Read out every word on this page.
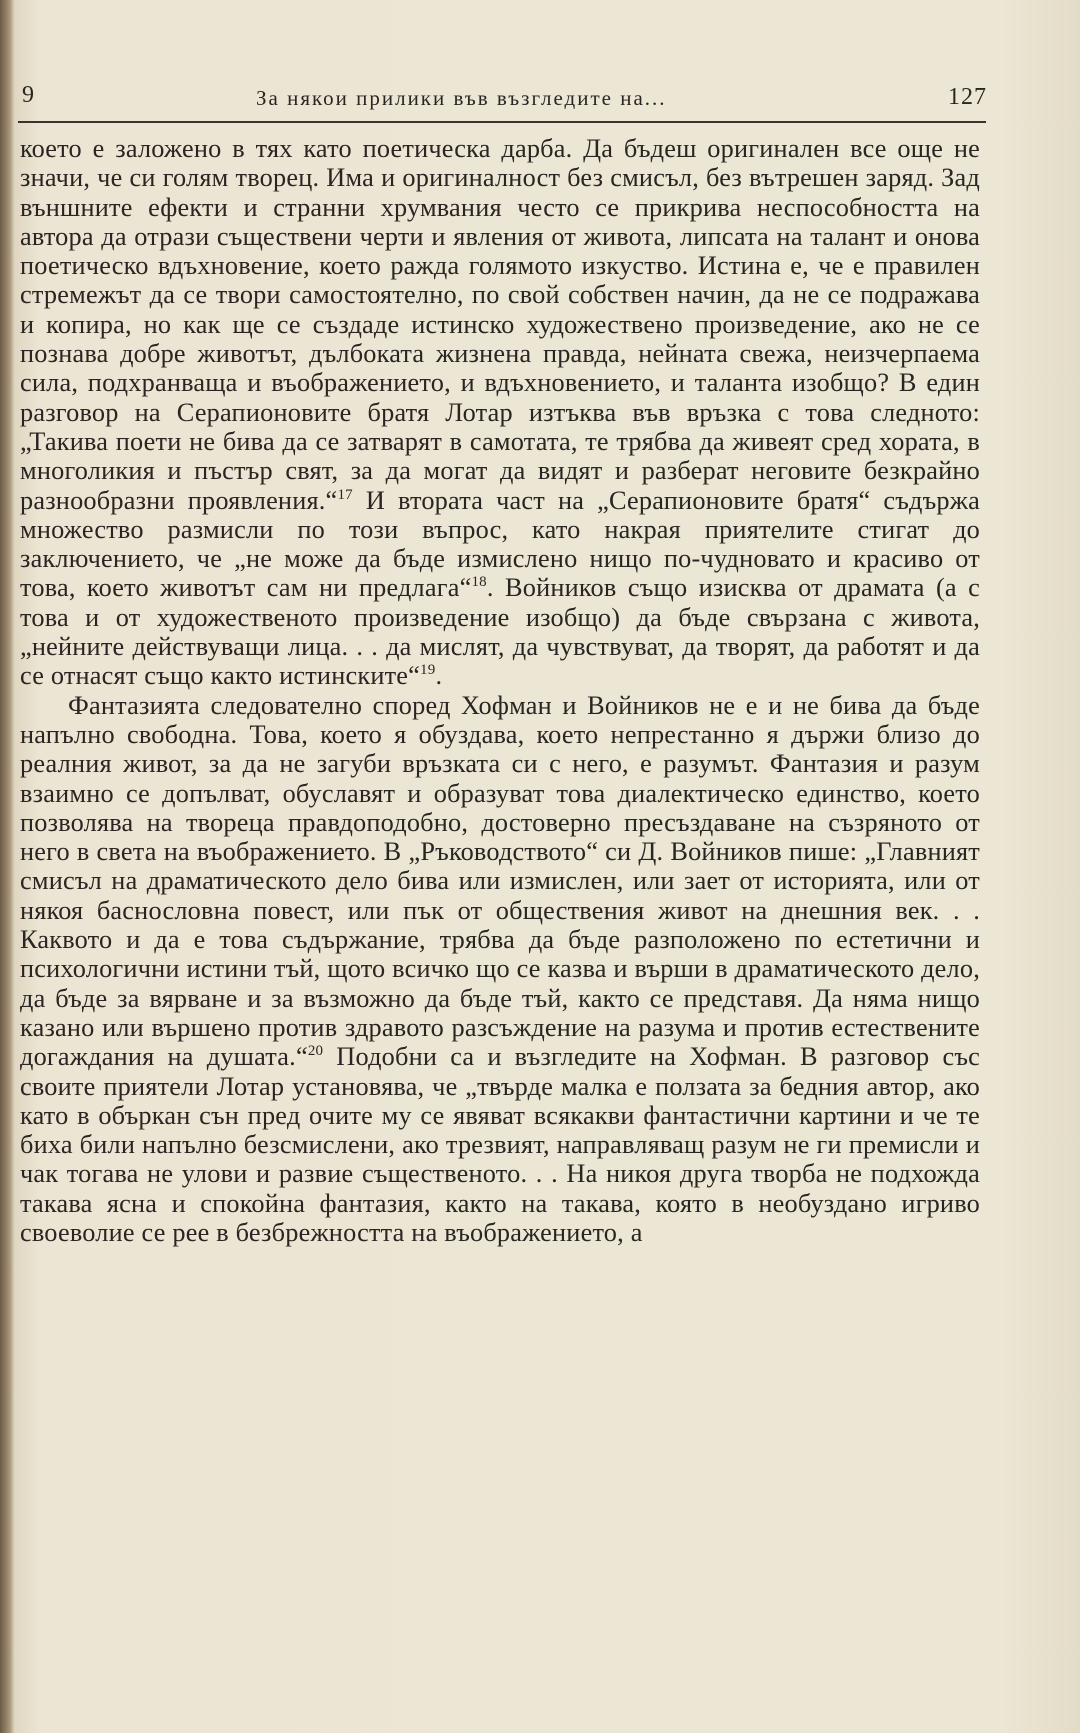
9	За някои прилики във възгледите на...	127

което е заложено в тях като поетическа дарба. Да бъдеш оригинален все още не значи, че си голям творец. Има и оригиналност без смисъл, без вътрешен заряд. Зад външните ефекти и странни хрумвания често се прикрива неспособността на автора да отрази съществени черти и явления от живота, липсата на талант и онова поетическо вдъхновение, което ражда голямото изкуство. Истина е, че е правилен стремежът да се твори самостоятелно, по свой собствен начин, да не се подражава и копира, но как ще се създаде истинско художествено произведение, ако не се познава добре животът, дълбоката жизнена правда, нейната свежа, неизчерпаема сила, подхранваща и въображението, и вдъхновението, и таланта изобщо? В един разговор на Серапионовите братя Лотар изтъква във връзка с това следното: „Такива поети не бива да се затварят в самотата, те трябва да живеят сред хората, в многоликия и пъстър свят, за да могат да видят и разберат неговите безкрайно разнообразни проявления.“$^{17}$ И втората част на „Серапионовите братя“ съдържа множество размисли по този въпрос, като накрая приятелите стигат до заключението, че „не може да бъде измислено нищо по-чудновато и красиво от това, което животът сам ни предлага“$^{18}$. Войников също изисква от драмата (а с това и от художественото произведение изобщо) да бъде свързана с живота, „нейните действуващи лица. . . да мислят, да чувствуват, да творят, да работят и да се отнасят също както истинските“$^{19}$.

Фантазията следователно според Хофман и Войников не е и не бива да бъде напълно свободна. Това, което я обуздава, което непрестанно я държи близо до реалния живот, за да не загуби връзката си с него, е разумът. Фантазия и разум взаимно се допълват, обуславят и образуват това диалектическо единство, което позволява на твореца правдоподобно, достоверно пресъздаване на съзряното от него в света на въображението. В „Ръководството“ си Д. Войников пише: „Главният смисъл на драматическото дело бива или измислен, или зает от историята, или от някоя баснословна повест, или пък от обществения живот на днешния век. . . Каквото и да е това съдържание, трябва да бъде разположено по естетични и психологични истини тъй, щото всичко що се казва и върши в драматическото дело, да бъде за вярване и за възможно да бъде тъй, както се представя. Да няма нищо казано или вършено против здравото разсъждение на разума и против естествените догаждания на душата.“$^{20}$ Подобни са и възгледите на Хофман. В разговор със своите приятели Лотар установява, че „твърде малка е ползата за бедния автор, ако като в объркан сън пред очите му се явяват всякакви фантастични картини и че те биха били напълно безсмислени, ако трезвият, направляващ разум не ги премисли и чак тогава не улови и развие същественото. . . На никоя друга творба не подхожда такава ясна и спокойна фантазия, както на такава, която в необуздано игриво своеволие се рее в безбрежността на въображението, а
